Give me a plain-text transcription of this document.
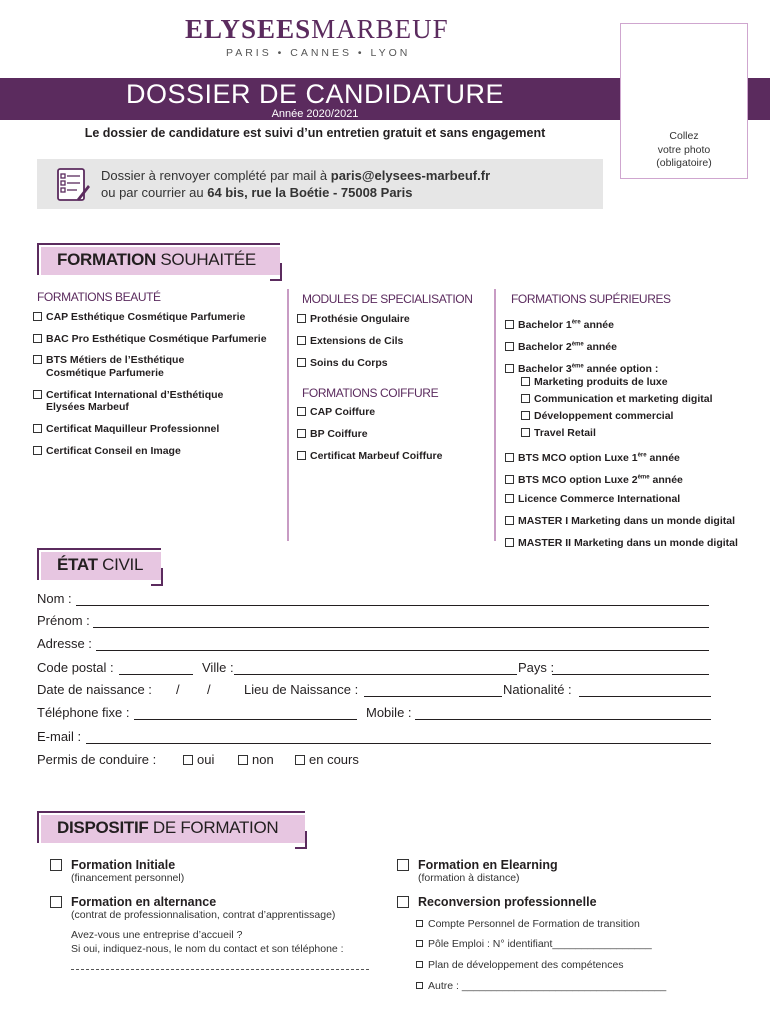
ELYSEESMARBEUF
PARIS • CANNES • LYON
DOSSIER DE CANDIDATURE
Année 2020/2021
Collez
votre photo
(obligatoire)
Le dossier de candidature est suivi d’un entretien gratuit et sans engagement
Dossier à renvoyer complété par mail à paris@elysees-marbeuf.fr
ou par courrier au 64 bis, rue la Boétie - 75008 Paris
FORMATION SOUHAITÉE
FORMATIONS BEAUTÉ
CAP Esthétique Cosmétique Parfumerie
BAC Pro Esthétique Cosmétique Parfumerie
BTS Métiers de l’Esthétique
Cosmétique Parfumerie
Certificat International d’Esthétique
Elysées Marbeuf
Certificat Maquilleur Professionnel
Certificat Conseil en Image
MODULES DE SPECIALISATION
Prothésie Ongulaire
Extensions de Cils
Soins du Corps
FORMATIONS COIFFURE
CAP Coiffure
BP Coiffure
Certificat Marbeuf Coiffure
FORMATIONS SUPÉRIEURES
Bachelor 1ère année
Bachelor 2ème année
Bachelor 3ème année option :
Marketing produits de luxe
Communication et marketing digital
Développement commercial
Travel Retail
BTS MCO option Luxe 1ère année
BTS MCO option Luxe 2ème année
Licence Commerce International
MASTER I Marketing dans un monde digital
MASTER II Marketing dans un monde digital
ÉTAT CIVIL
Nom :
Prénom :
Adresse :
Code postal :	Ville :	Pays :
Date de naissance : / /	Lieu de Naissance :	Nationalité :
Téléphone fixe :	Mobile :
E-mail :
Permis de conduire :	oui	non	en cours
DISPOSITIF DE FORMATION
Formation Initiale
(financement personnel)
Formation en Elearning
(formation à distance)
Formation en alternance
(contrat de professionnalisation, contrat d’apprentissage)
Avez-vous une entreprise d’accueil ?
Si oui, indiquez-nous, le nom du contact et son téléphone :
Reconversion professionnelle
Compte Personnel de Formation de transition
Pôle Emploi : N° identifiant_________________
Plan de développement des compétences
Autre : ___________________________________
